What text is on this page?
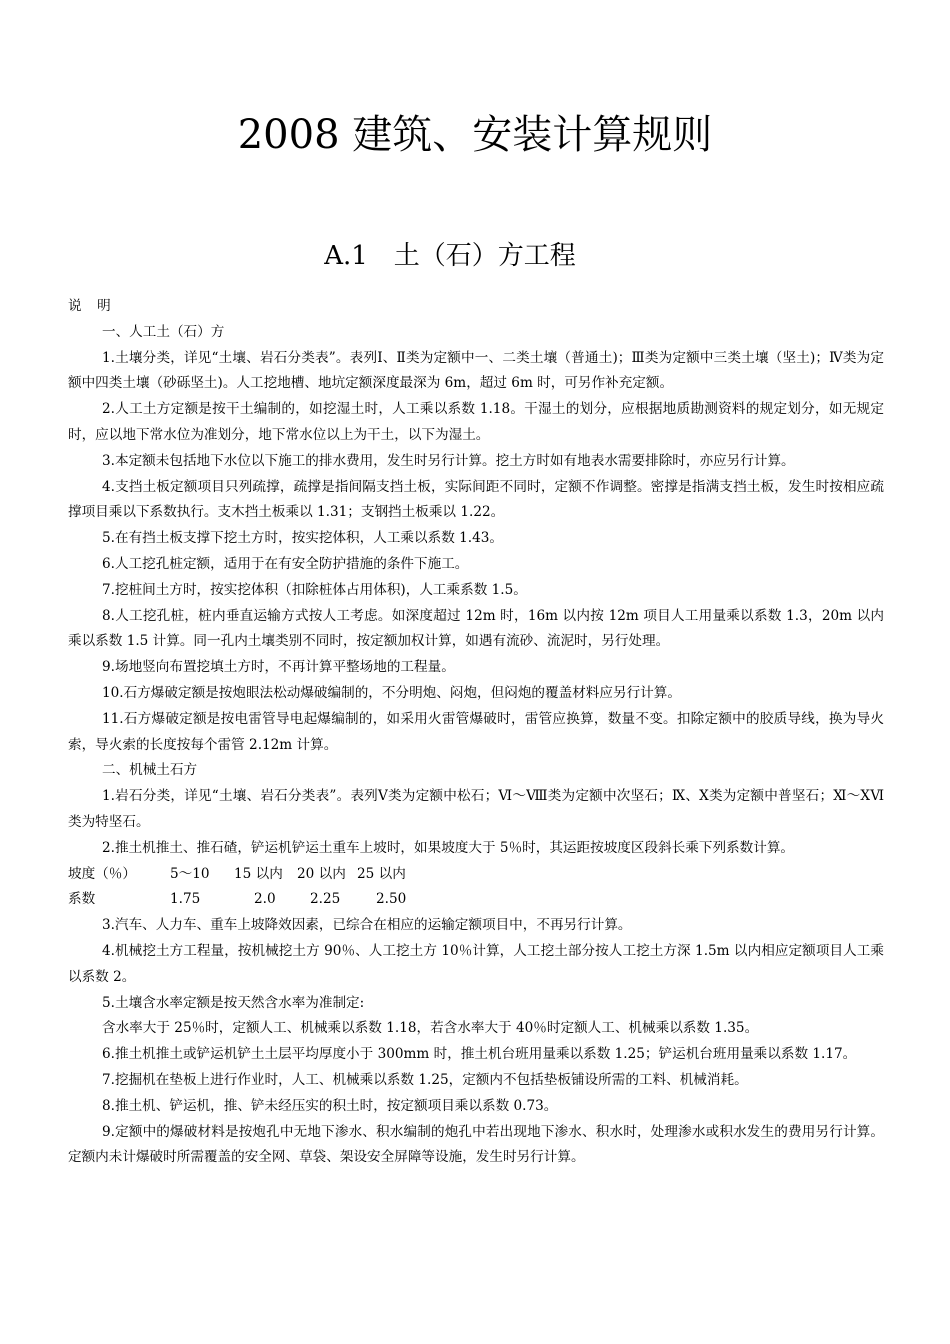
2008 建筑、安装计算规则
A.1　土（石）方工程

说　明

一、人工土（石）方

1.土壤分类，详见“土壤、岩石分类表”。表列Ⅰ、Ⅱ类为定额中一、二类土壤（普通土)；Ⅲ类为定额中三类土壤（坚土)；Ⅳ类为定额中四类土壤（砂砾坚土)。人工挖地槽、地坑定额深度最深为 6m，超过 6m 时，可另作补充定额。

2.人工土方定额是按干土编制的，如挖湿土时，人工乘以系数 1.18。干湿土的划分，应根据地质勘测资料的规定划分，如无规定时，应以地下常水位为准划分，地下常水位以上为干土，以下为湿土。

3.本定额未包括地下水位以下施工的排水费用，发生时另行计算。挖土方时如有地表水需要排除时，亦应另行计算。

4.支挡土板定额项目只列疏撑，疏撑是指间隔支挡土板，实际间距不同时，定额不作调整。密撑是指满支挡土板，发生时按相应疏撑项目乘以下系数执行。支木挡土板乘以 1.31；支钢挡土板乘以 1.22。

5.在有挡土板支撑下挖土方时，按实挖体积，人工乘以系数 1.43。

6.人工挖孔桩定额，适用于在有安全防护措施的条件下施工。

7.挖桩间土方时，按实挖体积（扣除桩体占用体积)，人工乘系数 1.5。

8.人工挖孔桩，桩内垂直运输方式按人工考虑。如深度超过 12m 时，16m 以内按 12m 项目人工用量乘以系数 1.3，20m 以内乘以系数 1.5 计算。同一孔内土壤类别不同时，按定额加权计算，如遇有流砂、流泥时，另行处理。

9.场地竖向布置挖填土方时，不再计算平整场地的工程量。

10.石方爆破定额是按炮眼法松动爆破编制的，不分明炮、闷炮，但闷炮的覆盖材料应另行计算。

11.石方爆破定额是按电雷管导电起爆编制的，如采用火雷管爆破时，雷管应换算，数量不变。扣除定额中的胶质导线，换为导火索，导火索的长度按每个雷管 2.12m 计算。

二、机械土石方

1.岩石分类，详见“土壤、岩石分类表”。表列Ⅴ类为定额中松石；Ⅵ～Ⅷ类为定额中次坚石；Ⅸ、Ⅹ类为定额中普坚石；Ⅺ～ⅩⅥ类为特坚石。

2.推土机推土、推石碴，铲运机铲运土重车上坡时，如果坡度大于 5％时，其运距按坡度区段斜长乘下列系数计算。

坡度（％）	5～10	15 以内	20 以内 25 以内
系数	1.75	2.0	2.25	2.50

3.汽车、人力车、重车上坡降效因素，已综合在相应的运输定额项目中，不再另行计算。

4.机械挖土方工程量，按机械挖土方 90％、人工挖土方 10％计算，人工挖土部分按人工挖土方深 1.5m 以内相应定额项目人工乘以系数 2。

5.土壤含水率定额是按天然含水率为准制定:

含水率大于 25％时，定额人工、机械乘以系数 1.18，若含水率大于 40％时定额人工、机械乘以系数 1.35。

6.推土机推土或铲运机铲土土层平均厚度小于 300mm 时，推土机台班用量乘以系数 1.25；铲运机台班用量乘以系数 1.17。

7.挖掘机在垫板上进行作业时，人工、机械乘以系数 1.25，定额内不包括垫板铺设所需的工料、机械消耗。

8.推土机、铲运机，推、铲未经压实的积土时，按定额项目乘以系数 0.73。

9.定额中的爆破材料是按炮孔中无地下渗水、积水编制的炮孔中若出现地下渗水、积水时，处理渗水或积水发生的费用另行计算。定额内未计爆破时所需覆盖的安全网、草袋、架设安全屏障等设施，发生时另行计算。
